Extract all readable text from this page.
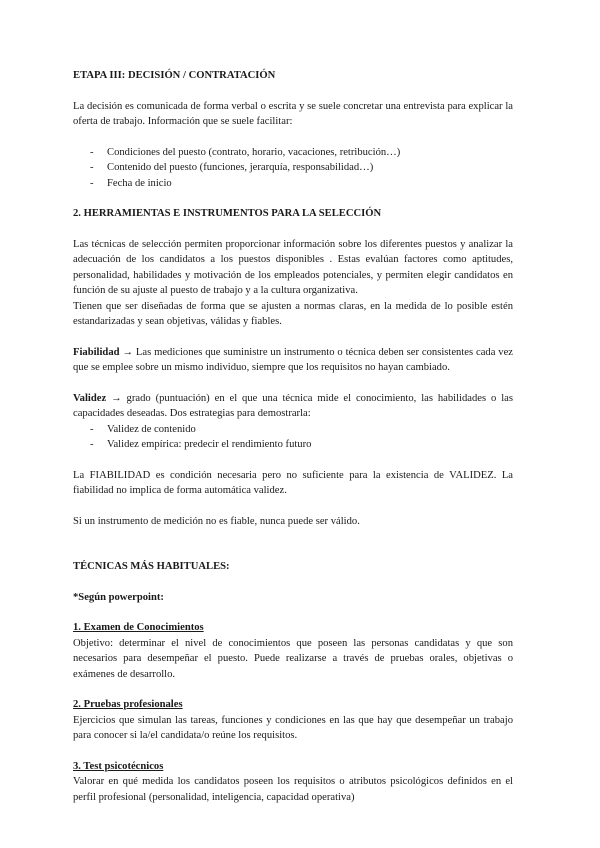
ETAPA III: DECISIÓN / CONTRATACIÓN

La decisión es comunicada de forma verbal o escrita y se suele concretar una entrevista para explicar la oferta de trabajo. Información que se suele facilitar:

- Condiciones del puesto (contrato, horario, vacaciones, retribución…)
- Contenido del puesto (funciones, jerarquía, responsabilidad…)
- Fecha de inicio

2. HERRAMIENTAS E INSTRUMENTOS PARA LA SELECCIÓN

Las técnicas de selección permiten proporcionar información sobre los diferentes puestos y analizar la adecuación de los candidatos a los puestos disponibles . Estas evalúan factores como aptitudes, personalidad, habilidades y motivación de los empleados potenciales, y permiten elegir candidatos en función de su ajuste al puesto de trabajo y a la cultura organizativa.

Tienen que ser diseñadas de forma que se ajusten a normas claras, en la medida de lo posible estén estandarizadas y sean objetivas, válidas y fiables.

Fiabilidad → Las mediciones que suministre un instrumento o técnica deben ser consistentes cada vez que se emplee sobre un mismo individuo, siempre que los requisitos no hayan cambiado.

Validez → grado (puntuación) en el que una técnica mide el conocimiento, las habilidades o las capacidades deseadas. Dos estrategias para demostrarla:

- Validez de contenido
- Validez empírica: predecir el rendimiento futuro

La FIABILIDAD es condición necesaria pero no suficiente para la existencia de VALIDEZ. La fiabilidad no implica de forma automática validez.

Si un instrumento de medición no es fiable, nunca puede ser válido.

TÉCNICAS MÁS HABITUALES:

*Según powerpoint:

1. Examen de Conocimientos

Objetivo: determinar el nivel de conocimientos que poseen las personas candidatas y que son necesarios para desempeñar el puesto. Puede realizarse a través de pruebas orales, objetivas o exámenes de desarrollo.

2. Pruebas profesionales

Ejercicios que simulan las tareas, funciones y condiciones en las que hay que desempeñar un trabajo para conocer si la/el candidata/o reúne los requisitos.

3. Test psicotécnicos

Valorar en qué medida los candidatos poseen los requisitos o atributos psicológicos definidos en el perfil profesional (personalidad, inteligencia, capacidad operativa)
